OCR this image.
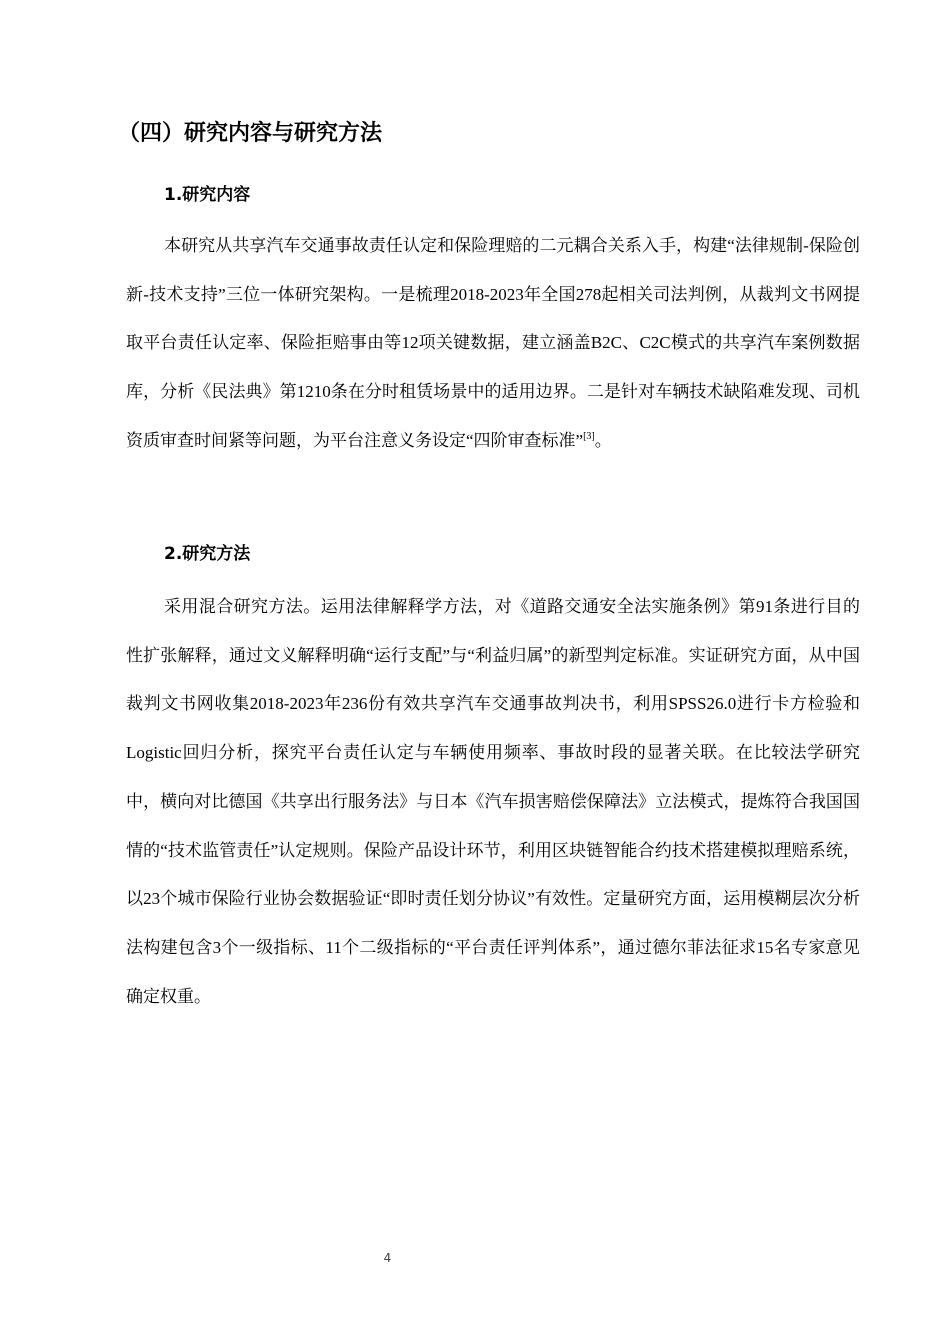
（四）研究内容与研究方法
1.研究内容

本研究从共享汽车交通事故责任认定和保险理赔的二元耦合关系入手，构建“法律规制-保险创新-技术支持”三位一体研究架构。一是梳理2018-2023年全国278起相关司法判例，从裁判文书网提取平台责任认定率、保险拒赔事由等12项关键数据，建立涵盖B2C、C2C模式的共享汽车案例数据库，分析《民法典》第1210条在分时租赁场景中的适用边界。二是针对车辆技术缺陷难发现、司机资质审查时间紧等问题，为平台注意义务设定“四阶审查标准”[3]。

2.研究方法

采用混合研究方法。运用法律解释学方法，对《道路交通安全法实施条例》第91条进行目的性扩张解释，通过文义解释明确“运行支配”与“利益归属”的新型判定标准。实证研究方面，从中国裁判文书网收集2018-2023年236份有效共享汽车交通事故判决书，利用SPSS26.0进行卡方检验和Logistic回归分析，探究平台责任认定与车辆使用频率、事故时段的显著关联。在比较法学研究中，横向对比德国《共享出行服务法》与日本《汽车损害赔偿保障法》立法模式，提炼符合我国国情的“技术监管责任”认定规则。保险产品设计环节，利用区块链智能合约技术搭建模拟理赔系统，以23个城市保险行业协会数据验证“即时责任划分协议”有效性。定量研究方面，运用模糊层次分析法构建包含3个一级指标、11个二级指标的“平台责任评判体系”，通过德尔菲法征求15名专家意见确定权重。

4
